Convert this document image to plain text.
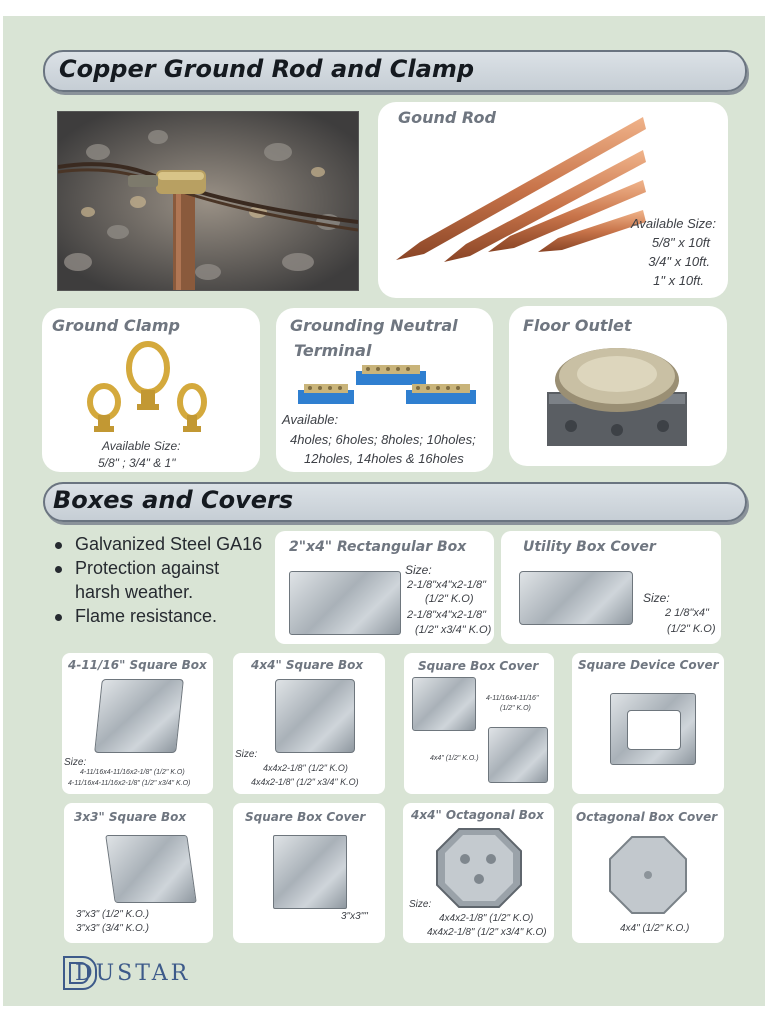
Copper Ground Rod and Clamp
Gound Rod
Available Size:
5/8" x 10ft
3/4" x 10ft.
1" x 10ft.
Ground Clamp
Available Size:
5/8" ; 3/4" & 1"
Grounding Neutral
Terminal
Available:
4holes; 6holes; 8holes; 10holes;
12holes, 14holes & 16holes
Floor Outlet
Boxes and Covers
Galvanized Steel GA16
Protection against
harsh weather.
Flame resistance.
2"x4" Rectangular Box
Size:
2-1/8"x4"x2-1/8"
(1/2" K.O)
2-1/8"x4"x2-1/8"
(1/2" x3/4" K.O)
Utility Box Cover
Size:
2 1/8"x4"
(1/2" K.O)
4-11/16" Square Box
Size:
4-11/16x4-11/16x2-1/8" (1/2" K.O)
4-11/16x4-11/16x2-1/8" (1/2" x3/4" K.O)
4x4" Square Box
Size:
4x4x2-1/8" (1/2" K.O)
4x4x2-1/8" (1/2" x3/4" K.O)
Square Box Cover
4-11/16x4-11/16"
(1/2" K.O)
4x4" (1/2" K.O.)
Square Device Cover
3x3" Square Box
3"x3" (1/2" K.O.)
3"x3" (3/4" K.O.)
Square Box Cover
3"x3""
4x4" Octagonal Box
Size:
4x4x2-1/8" (1/2" K.O)
4x4x2-1/8" (1/2" x3/4" K.O)
Octagonal Box Cover
4x4" (1/2" K.O.)
DUSTAR
